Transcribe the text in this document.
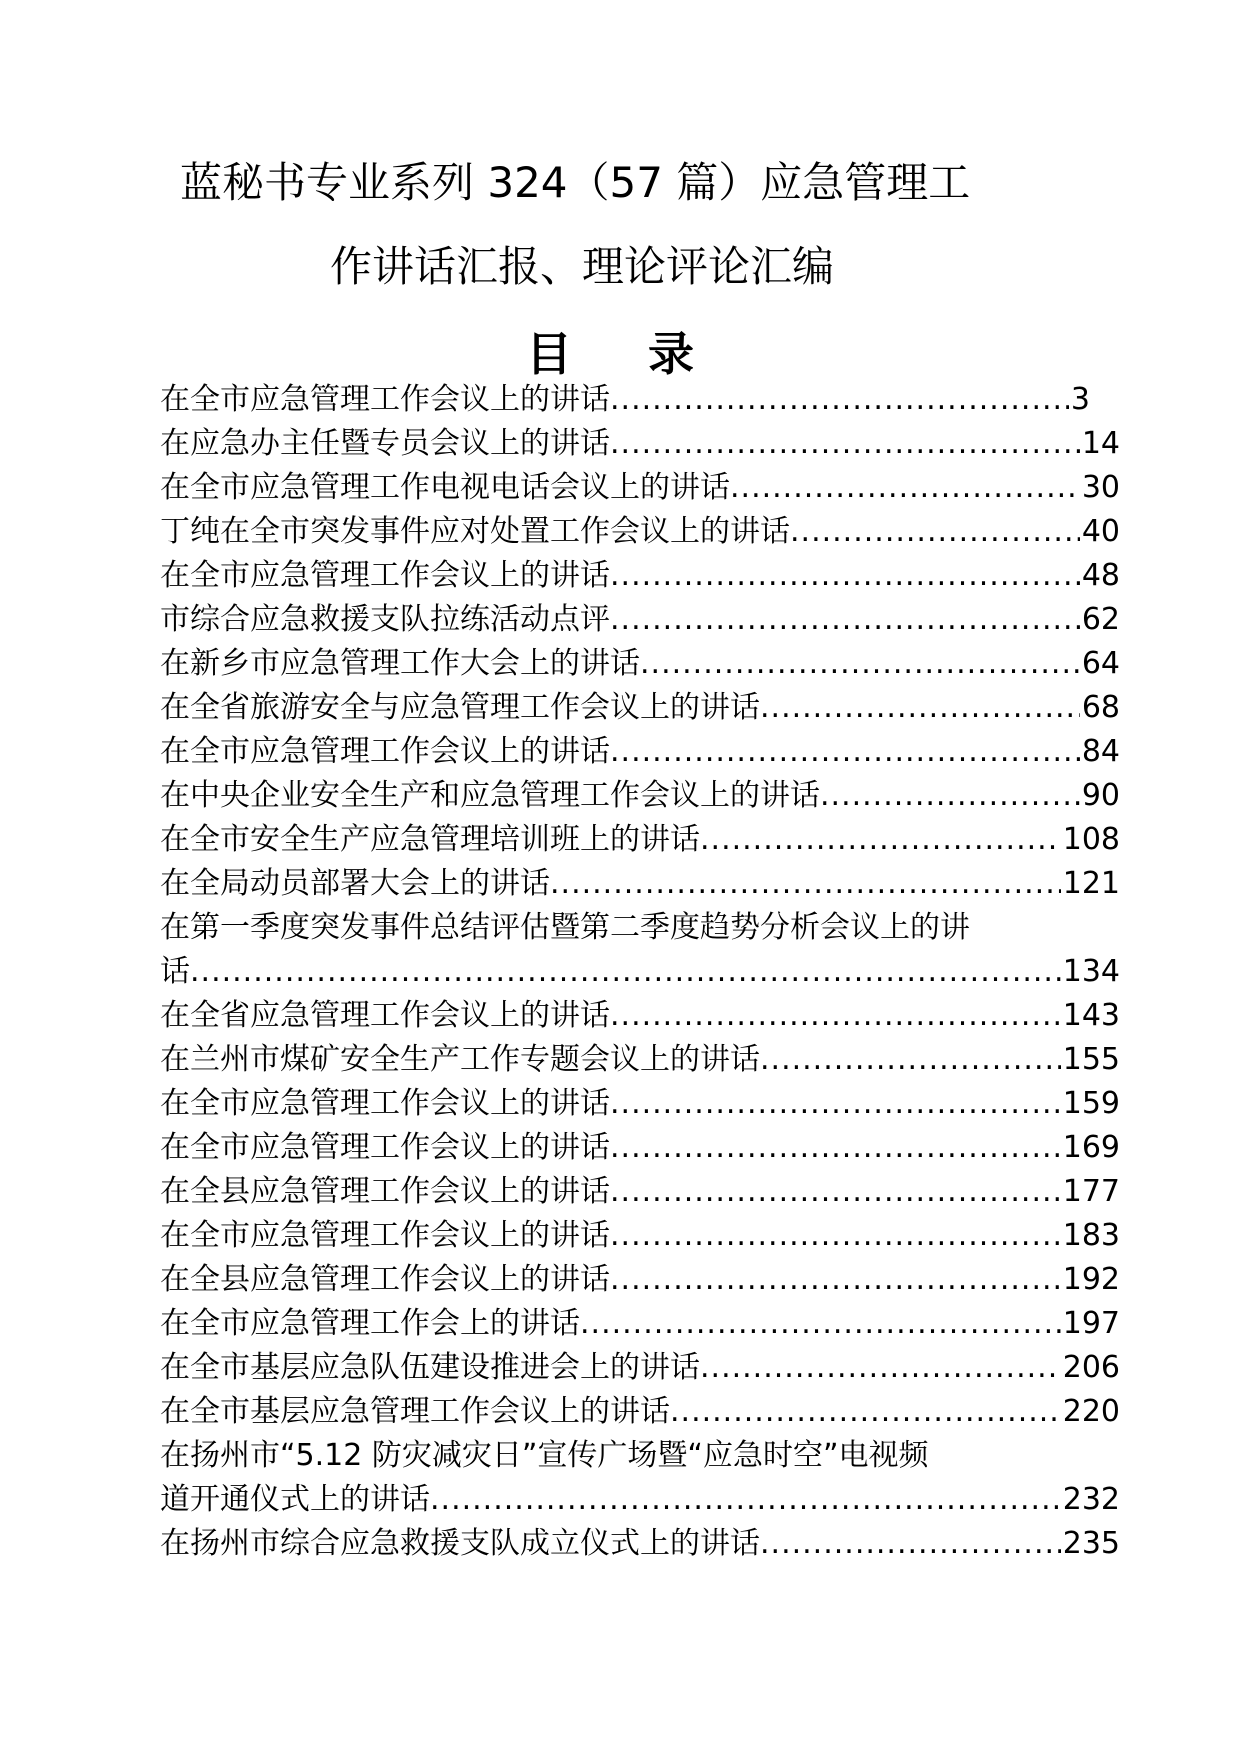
蓝秘书专业系列 324（57 篇）应急管理工
作讲话汇报、理论评论汇编
目 录
在全市应急管理工作会议上的讲话 .....	3
在应急办主任暨专员会议上的讲话 .....	14
在全市应急管理工作电视电话会议上的讲话 .....	30
丁纯在全市突发事件应对处置工作会议上的讲话 .....	40
在全市应急管理工作会议上的讲话 .....	48
市综合应急救援支队拉练活动点评 .....	62
在新乡市应急管理工作大会上的讲话 .....	64
在全省旅游安全与应急管理工作会议上的讲话 .....	68
在全市应急管理工作会议上的讲话 .....	84
在中央企业安全生产和应急管理工作会议上的讲话 .....	90
在全市安全生产应急管理培训班上的讲话 .....	108
在全局动员部署大会上的讲话 .....	121
在第一季度突发事件总结评估暨第二季度趋势分析会议上的讲
话 .....	134
在全省应急管理工作会议上的讲话 .....	143
在兰州市煤矿安全生产工作专题会议上的讲话 .....	155
在全市应急管理工作会议上的讲话 .....	159
在全市应急管理工作会议上的讲话 .....	169
在全县应急管理工作会议上的讲话 .....	177
在全市应急管理工作会议上的讲话 .....	183
在全县应急管理工作会议上的讲话 .....	192
在全市应急管理工作会上的讲话 .....	197
在全市基层应急队伍建设推进会上的讲话 .....	206
在全市基层应急管理工作会议上的讲话 .....	220
在扬州市“5.12 防灾减灾日”宣传广场暨“应急时空”电视频
道开通仪式上的讲话 .....	232
在扬州市综合应急救援支队成立仪式上的讲话 .....	235
